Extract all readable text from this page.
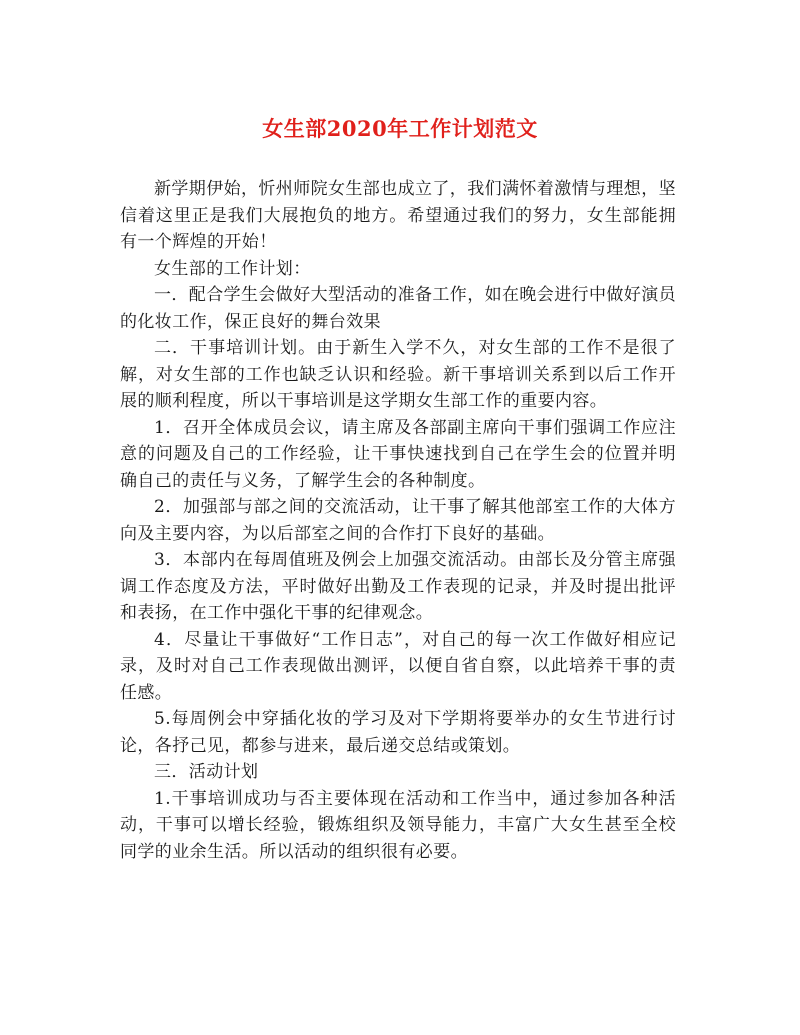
女生部2020年工作计划范文

新学期伊始，忻州师院女生部也成立了，我们满怀着激情与理想，坚信着这里正是我们大展抱负的地方。希望通过我们的努力，女生部能拥有一个辉煌的开始！

女生部的工作计划：

一．配合学生会做好大型活动的准备工作，如在晚会进行中做好演员的化妆工作，保正良好的舞台效果

二．干事培训计划。由于新生入学不久，对女生部的工作不是很了解，对女生部的工作也缺乏认识和经验。新干事培训关系到以后工作开展的顺利程度，所以干事培训是这学期女生部工作的重要内容。

1．召开全体成员会议，请主席及各部副主席向干事们强调工作应注意的问题及自己的工作经验，让干事快速找到自己在学生会的位置并明确自己的责任与义务，了解学生会的各种制度。

2．加强部与部之间的交流活动，让干事了解其他部室工作的大体方向及主要内容，为以后部室之间的合作打下良好的基础。

3．本部内在每周值班及例会上加强交流活动。由部长及分管主席强调工作态度及方法，平时做好出勤及工作表现的记录，并及时提出批评和表扬，在工作中强化干事的纪律观念。

4．尽量让干事做好“工作日志”，对自己的每一次工作做好相应记录，及时对自己工作表现做出测评，以便自省自察，以此培养干事的责任感。

5.每周例会中穿插化妆的学习及对下学期将要举办的女生节进行讨论，各抒己见，都参与进来，最后递交总结或策划。

三．活动计划

1.干事培训成功与否主要体现在活动和工作当中，通过参加各种活动，干事可以增长经验，锻炼组织及领导能力，丰富广大女生甚至全校同学的业余生活。所以活动的组织很有必要。
